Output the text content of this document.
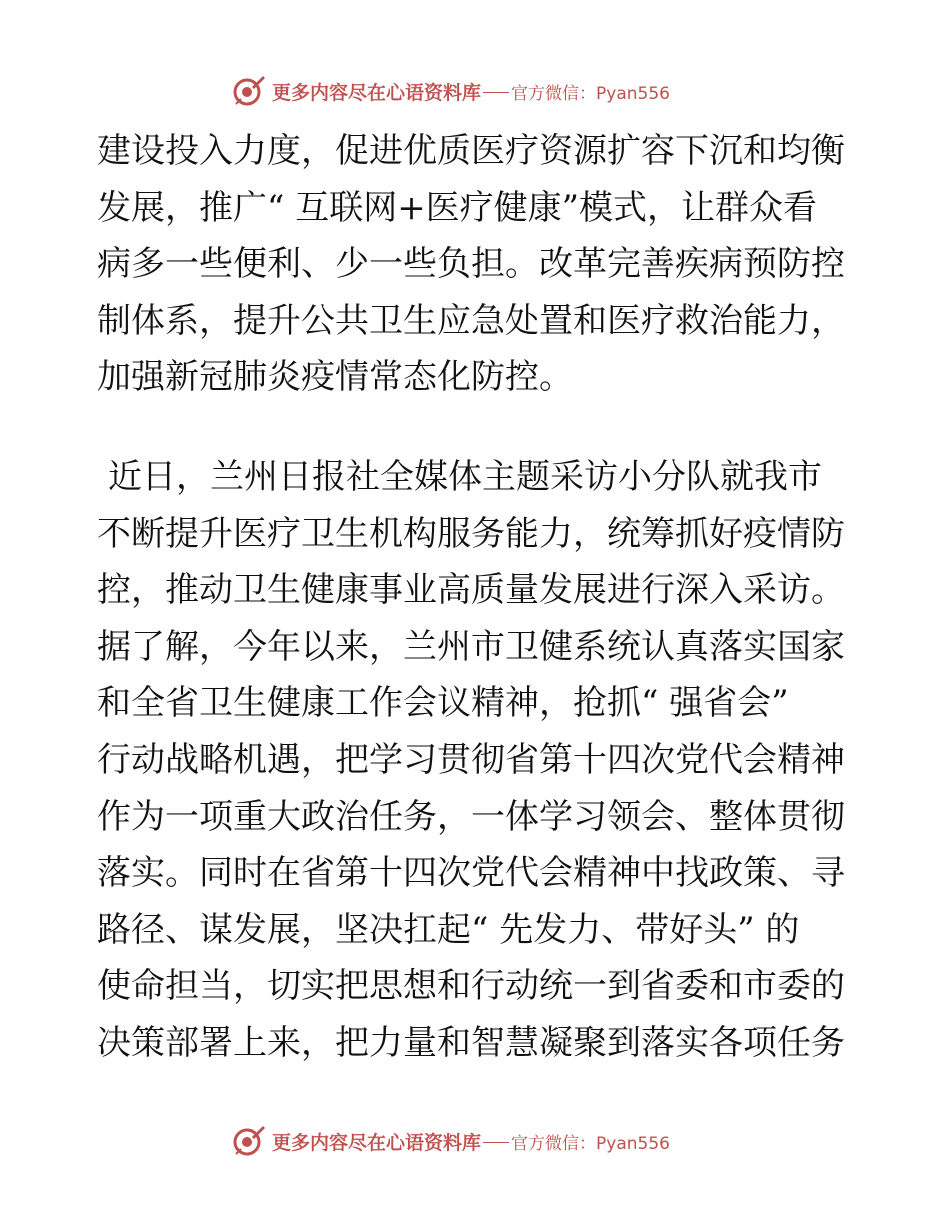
更多内容尽在心语资料库 官方微信：Pyan556
建设投入力度，促进优质医疗资源扩容下沉和均衡
发展，推广“ 互联网+医疗健康”模式，让群众看
病多一些便利、少一些负担。改革完善疾病预防控
制体系，提升公共卫生应急处置和医疗救治能力，
加强新冠肺炎疫情常态化防控。
近日，兰州日报社全媒体主题采访小分队就我市
不断提升医疗卫生机构服务能力，统筹抓好疫情防
控，推动卫生健康事业高质量发展进行深入采访。
据了解，今年以来，兰州市卫健系统认真落实国家
和全省卫生健康工作会议精神，抢抓“ 强省会”
行动战略机遇，把学习贯彻省第十四次党代会精神
作为一项重大政治任务，一体学习领会、整体贯彻
落实。同时在省第十四次党代会精神中找政策、寻
路径、谋发展，坚决扛起“ 先发力、带好头” 的
使命担当，切实把思想和行动统一到省委和市委的
决策部署上来，把力量和智慧凝聚到落实各项任务
更多内容尽在心语资料库 官方微信：Pyan556
